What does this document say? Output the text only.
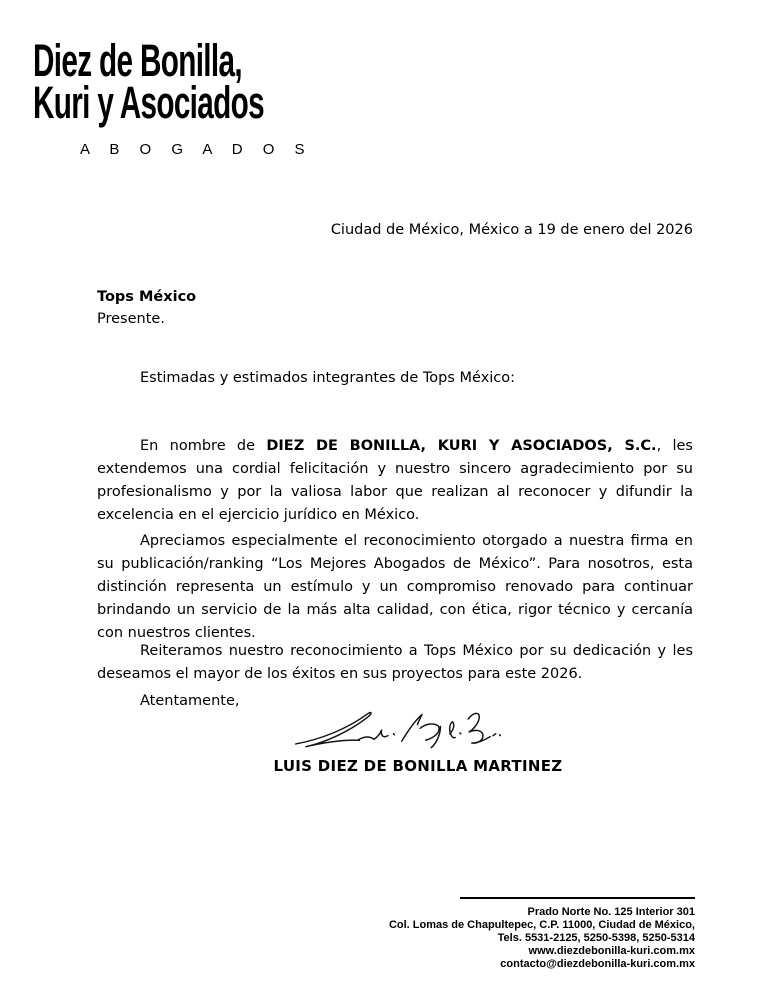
Diez de Bonilla,
Kuri y Asociados
A B O G A D O S
Ciudad de México, México a 19 de enero del 2026
Tops México
Presente.
Estimadas y estimados integrantes de Tops México:

En nombre de DIEZ DE BONILLA, KURI Y ASOCIADOS, S.C., les extendemos una cordial felicitación y nuestro sincero agradecimiento por su profesionalismo y por la valiosa labor que realizan al reconocer y difundir la excelencia en el ejercicio jurídico en México.

Apreciamos especialmente el reconocimiento otorgado a nuestra firma en su publicación/ranking “Los Mejores Abogados de México”. Para nosotros, esta distinción representa un estímulo y un compromiso renovado para continuar brindando un servicio de la más alta calidad, con ética, rigor técnico y cercanía con nuestros clientes.

Reiteramos nuestro reconocimiento a Tops México por su dedicación y les deseamos el mayor de los éxitos en sus proyectos para este 2026.

Atentamente,
LUIS DIEZ DE BONILLA MARTINEZ
Prado Norte No. 125 Interior 301
Col. Lomas de Chapultepec, C.P. 11000, Ciudad de México,
Tels. 5531-2125, 5250-5398, 5250-5314
www.diezdebonilla-kuri.com.mx
contacto@diezdebonilla-kuri.com.mx
